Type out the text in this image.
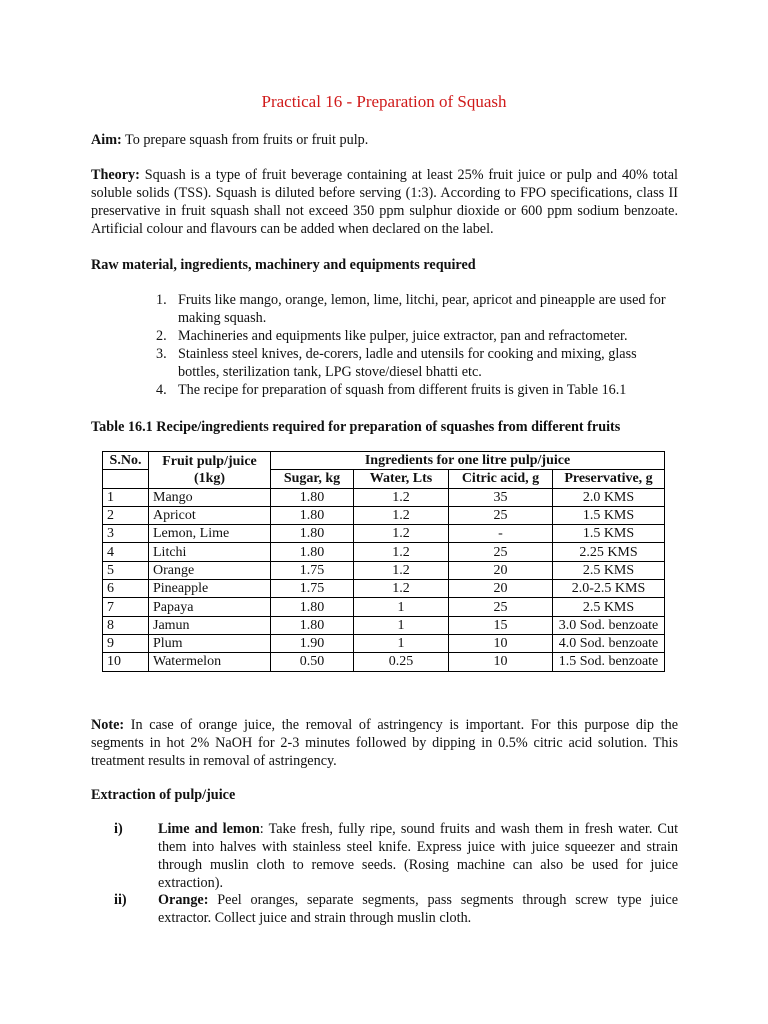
Practical 16 - Preparation of Squash
Aim: To prepare squash from fruits or fruit pulp.
Theory: Squash is a type of fruit beverage containing at least 25% fruit juice or pulp and 40% total soluble solids (TSS). Squash is diluted before serving (1:3). According to FPO specifications, class II preservative in fruit squash shall not exceed 350 ppm sulphur dioxide or 600 ppm sodium benzoate. Artificial colour and flavours can be added when declared on the label.
Raw material, ingredients, machinery and equipments required
1. Fruits like mango, orange, lemon, lime, litchi, pear, apricot and pineapple are used for making squash.
2. Machineries and equipments like pulper, juice extractor, pan and refractometer.
3. Stainless steel knives, de-corers, ladle and utensils for cooking and mixing, glass bottles, sterilization tank, LPG stove/diesel bhatti etc.
4. The recipe for preparation of squash from different fruits is given in Table 16.1
Table 16.1 Recipe/ingredients required for preparation of squashes from different fruits
S.No.	Fruit pulp/juice (1kg)	Ingredients for one litre pulp/juice			
		Sugar, kg	Water, Lts	Citric acid, g	Preservative, g
1	Mango	1.80	1.2	35	2.0 KMS
2	Apricot	1.80	1.2	25	1.5 KMS
3	Lemon, Lime	1.80	1.2	-	1.5 KMS
4	Litchi	1.80	1.2	25	2.25 KMS
5	Orange	1.75	1.2	20	2.5 KMS
6	Pineapple	1.75	1.2	20	2.0-2.5 KMS
7	Papaya	1.80	1	25	2.5 KMS
8	Jamun	1.80	1	15	3.0 Sod. benzoate
9	Plum	1.90	1	10	4.0 Sod. benzoate
10	Watermelon	0.50	0.25	10	1.5 Sod. benzoate
Note: In case of orange juice, the removal of astringency is important. For this purpose dip the segments in hot 2% NaOH for 2-3 minutes followed by dipping in 0.5% citric acid solution. This treatment results in removal of astringency.
Extraction of pulp/juice
i) Lime and lemon: Take fresh, fully ripe, sound fruits and wash them in fresh water. Cut them into halves with stainless steel knife. Express juice with juice squeezer and strain through muslin cloth to remove seeds. (Rosing machine can also be used for juice extraction).
ii) Orange: Peel oranges, separate segments, pass segments through screw type juice extractor. Collect juice and strain through muslin cloth.
